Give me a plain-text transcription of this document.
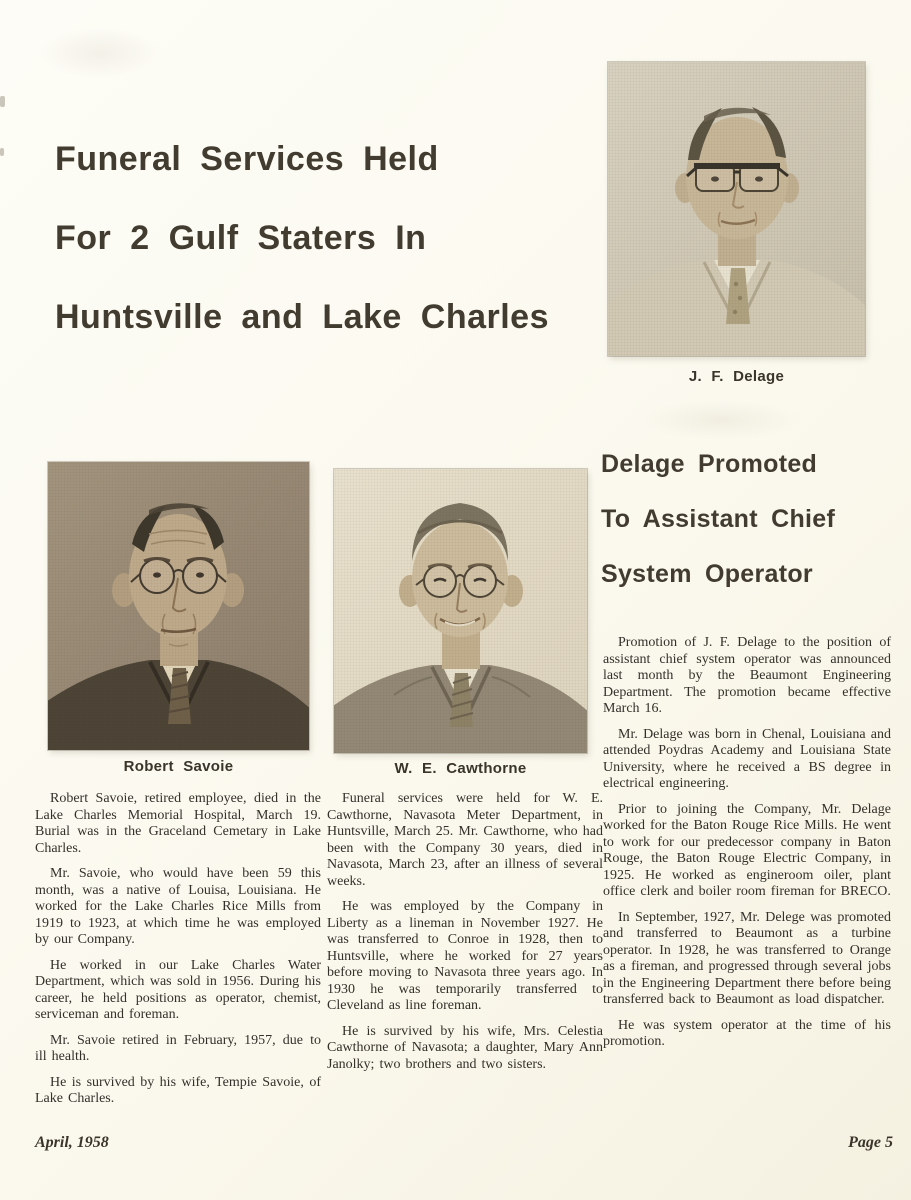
Funeral Services Held
For 2 Gulf Staters In
Huntsville and Lake Charles
J. F. Delage
Robert Savoie	W. E. Cawthorne
Delage Promoted
To Assistant Chief
System Operator

Robert Savoie, retired employee, died in the Lake Charles Memorial Hospital, March 19. Burial was in the Graceland Cemetary in Lake Charles.

Mr. Savoie, who would have been 59 this month, was a native of Louisa, Louisiana. He worked for the Lake Charles Rice Mills from 1919 to 1923, at which time he was employed by our Company.

He worked in our Lake Charles Water Department, which was sold in 1956. During his career, he held positions as operator, chemist, serviceman and foreman.

Mr. Savoie retired in February, 1957, due to ill health.

He is survived by his wife, Tempie Savoie, of Lake Charles.

Funeral services were held for W. E. Cawthorne, Navasota Meter Department, in Huntsville, March 25. Mr. Cawthorne, who had been with the Company 30 years, died in Navasota, March 23, after an illness of several weeks.

He was employed by the Company in Liberty as a lineman in November 1927. He was transferred to Conroe in 1928, then to Huntsville, where he worked for 27 years before moving to Navasota three years ago. In 1930 he was temporarily transferred to Cleveland as line foreman.

He is survived by his wife, Mrs. Celestia Cawthorne of Navasota; a daughter, Mary Ann Janolky; two brothers and two sisters.

Promotion of J. F. Delage to the position of assistant chief system operator was announced last month by the Beaumont Engineering Department. The promotion became effective March 16.

Mr. Delage was born in Chenal, Louisiana and attended Poydras Academy and Louisiana State University, where he received a BS degree in electrical engineering.

Prior to joining the Company, Mr. Delage worked for the Baton Rouge Rice Mills. He went to work for our predecessor company in Baton Rouge, the Baton Rouge Electric Company, in 1925. He worked as engineroom oiler, plant office clerk and boiler room fireman for BRECO.

In September, 1927, Mr. Delege was promoted and transferred to Beaumont as a turbine operator. In 1928, he was transferred to Orange as a fireman, and progressed through several jobs in the Engineering Department there before being transferred back to Beaumont as load dispatcher.

He was system operator at the time of his promotion.

April, 1958	Page 5
